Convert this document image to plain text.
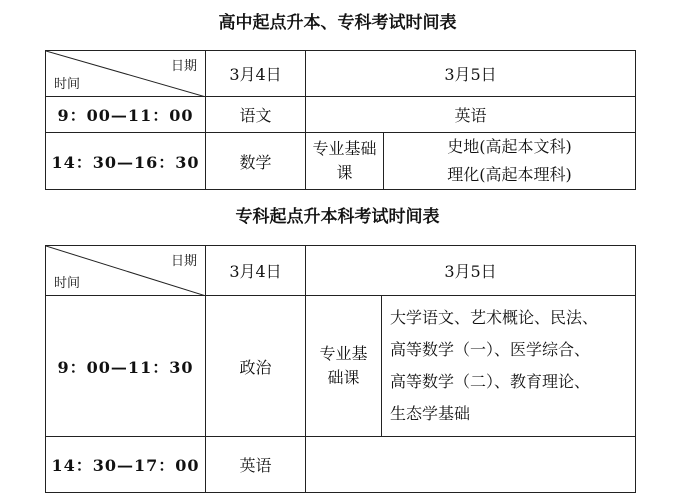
高中起点升本、专科考试时间表
日期
时间	3月4日	3月5日	
9：00—11：00	语文	英语	
14：30—16：30	数学	专业基础课	史地(高起本文科)
理化(高起本理科)
专科起点升本科考试时间表
日期
时间	3月4日	3月5日	
9：00—11：30	政治	专业基础课	大学语文、艺术概论、民法、
高等数学（一）、医学综合、
高等数学（二）、教育理论、
生态学基础

14：30—17：00	英语		
